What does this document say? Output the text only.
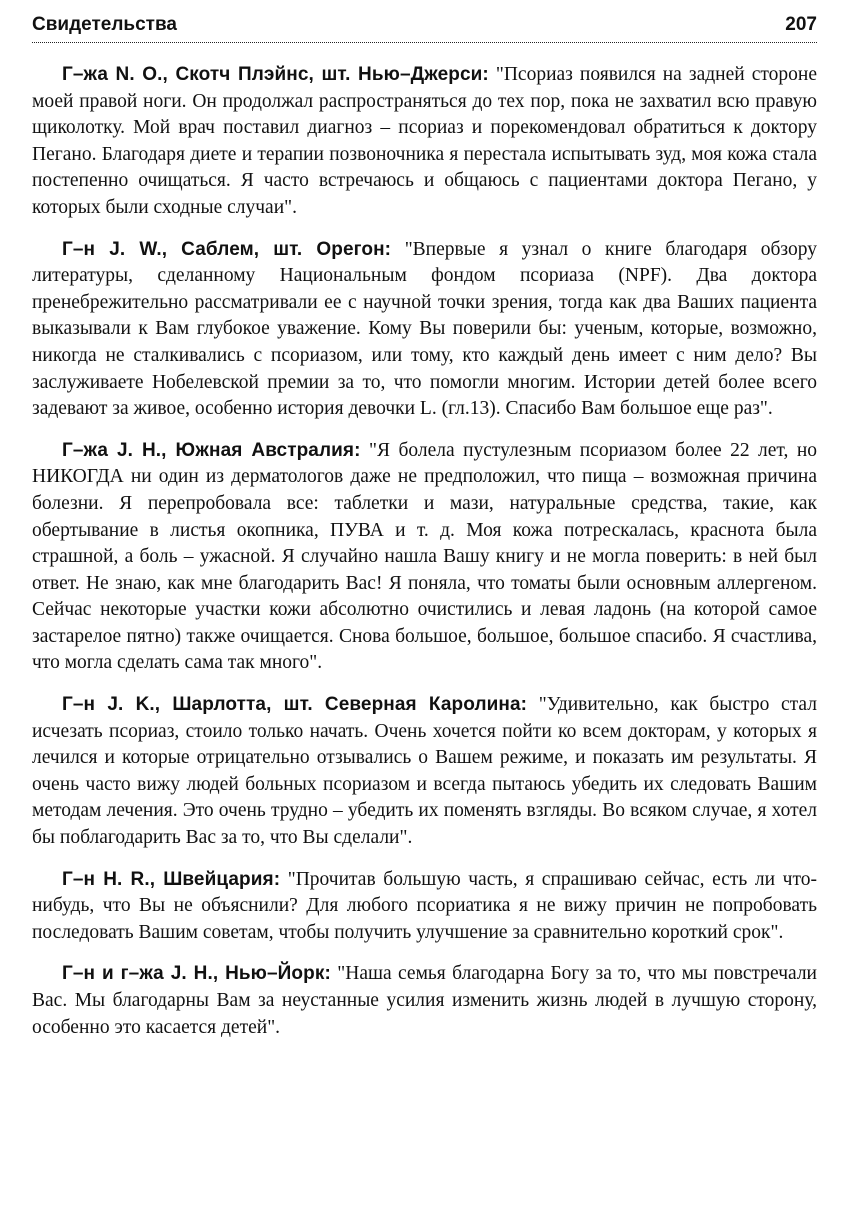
Свидетельства	207

Г–жа N. О., Скотч Плэйнс, шт. Нью–Джерси: "Псориаз появился на задней стороне моей правой ноги. Он продолжал распространяться до тех пор, пока не захватил всю правую щиколотку. Мой врач поставил диагноз – псориаз и порекомендовал обратиться к доктору Пегано. Благодаря диете и терапии позвоночника я перестала испытывать зуд, моя кожа стала постепенно очищаться. Я часто встречаюсь и общаюсь с пациентами доктора Пегано, у которых были сходные случаи".

Г–н J. W., Саблем, шт. Орегон: "Впервые я узнал о книге благодаря обзору литературы, сделанному Национальным фондом псориаза (NPF). Два доктора пренебрежительно рассматривали ее с научной точки зрения, тогда как два Ваших пациента выказывали к Вам глубокое уважение. Кому Вы поверили бы: ученым, которые, возможно, никогда не сталкивались с псориазом, или тому, кто каждый день имеет с ним дело? Вы заслуживаете Нобелевской премии за то, что помогли многим. Истории детей более всего задевают за живое, особенно история девочки L. (гл.13). Спасибо Вам большое еще раз".

Г–жа J. H., Южная Австралия: "Я болела пустулезным псориазом более 22 лет, но НИКОГДА ни один из дерматологов даже не предположил, что пища – возможная причина болезни. Я перепробовала все: таблетки и мази, натуральные средства, такие, как обертывание в листья окопника, ПУВА и т. д. Моя кожа потрескалась, краснота была страшной, а боль – ужасной. Я случайно нашла Вашу книгу и не могла поверить: в ней был ответ. Не знаю, как мне благодарить Вас! Я поняла, что томаты были основным аллергеном. Сейчас некоторые участки кожи абсолютно очистились и левая ладонь (на которой самое застарелое пятно) также очищается. Снова большое, большое, большое спасибо. Я счастлива, что могла сделать сама так много".

Г–н J. K., Шарлотта, шт. Северная Каролина: "Удивительно, как быстро стал исчезать псориаз, стоило только начать. Очень хочется пойти ко всем докторам, у которых я лечился и которые отрицательно отзывались о Вашем режиме, и показать им результаты. Я очень часто вижу людей больных псориазом и всегда пытаюсь убедить их следовать Вашим методам лечения. Это очень трудно – убедить их поменять взгляды. Во всяком случае, я хотел бы поблагодарить Вас за то, что Вы сделали".

Г–н H. R., Швейцария: "Прочитав большую часть, я спрашиваю сейчас, есть ли что-нибудь, что Вы не объяснили? Для любого псориатика я не вижу причин не попробовать последовать Вашим советам, чтобы получить улучшение за сравнительно короткий срок".

Г–н и г–жа J. H., Нью–Йорк: "Наша семья благодарна Богу за то, что мы повстречали Вас. Мы благодарны Вам за неустанные усилия изменить жизнь людей в лучшую сторону, особенно это касается детей".
